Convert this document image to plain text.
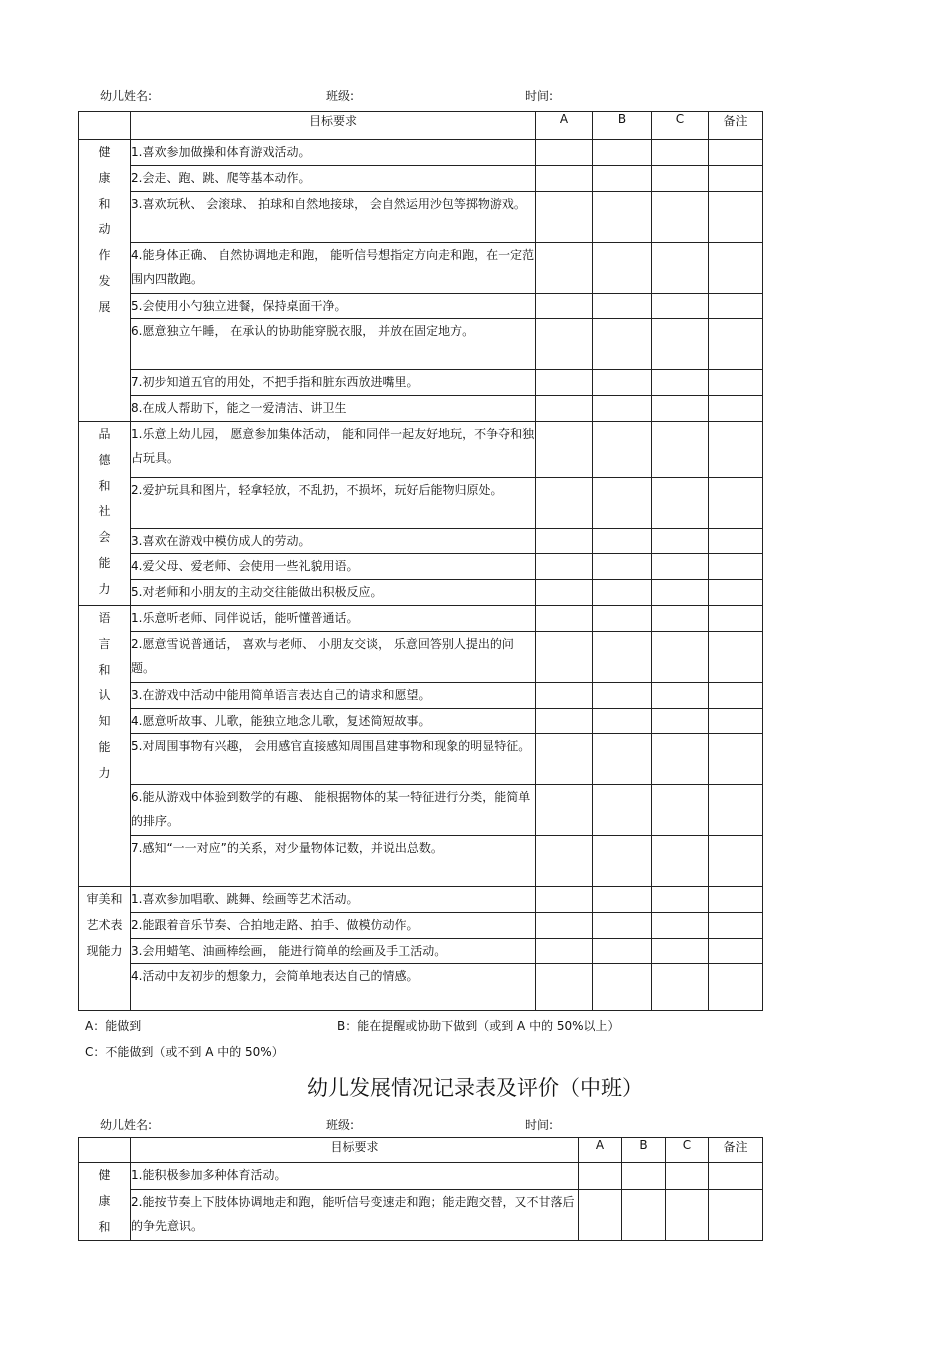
幼儿姓名:	班级:	时间:
	目标要求	A	B	C	备注

健康和动作发展	1.喜欢参加做操和体育游戏活动。				
	2.会走、跑、跳、爬等基本动作。				
	3.喜欢玩秋、 会滚球、 拍球和自然地接球， 会自然运用沙包等掷物游戏。				
	4.能身体正确、 自然协调地走和跑， 能听信号想指定方向走和跑，在一定范围内四散跑。				
	5.会使用小勺独立进餐，保持桌面干净。				
	6.愿意独立午睡， 在承认的协助能穿脱衣服， 并放在固定地方。				
	7.初步知道五官的用处，不把手指和脏东西放进嘴里。				
	8.在成人帮助下，能之一爱清洁、讲卫生				

品德和社会能力	1.乐意上幼儿园， 愿意参加集体活动， 能和同伴一起友好地玩，不争夺和独占玩具。				
	2.爱护玩具和图片，轻拿轻放，不乱扔，不损坏，玩好后能物归原处。				
	3.喜欢在游戏中模仿成人的劳动。				
	4.爱父母、爱老师、会使用一些礼貌用语。				
	5.对老师和小朋友的主动交往能做出积极反应。				

语言和认知能力	1.乐意听老师、同伴说话，能听懂普通话。				
	2.愿意雪说普通话， 喜欢与老师、 小朋友交谈， 乐意回答别人提出的问题。				
	3.在游戏中活动中能用简单语言表达自己的请求和愿望。				
	4.愿意听故事、儿歌，能独立地念儿歌，复述简短故事。				
	5.对周围事物有兴趣， 会用感官直接感知周围昌建事物和现象的明显特征。				
	6.能从游戏中体验到数学的有趣、 能根据物体的某一特征进行分类，能简单的排序。				
	7.感知“一一对应”的关系，对少量物体记数，并说出总数。				

审美和艺术表现能力	1.喜欢参加唱歌、跳舞、绘画等艺术活动。				
	2.能跟着音乐节奏、合拍地走路、拍手、做模仿动作。				
	3.会用蜡笔、油画棒绘画， 能进行简单的绘画及手工活动。				
	4.活动中友初步的想象力，会简单地表达自己的情感。				
A：能做到	B：能在提醒或协助下做到（或到 A 中的 50%以上）
C：不能做到（或不到 A 中的 50%）
幼儿发展情况记录表及评价（中班）
幼儿姓名:	班级:	时间:
	目标要求	A	B	C	备注

健康和	1.能积极参加多种体育活动。				
	2.能按节奏上下肢体协调地走和跑，能听信号变速走和跑；能走跑交替，又不甘落后的争先意识。				
